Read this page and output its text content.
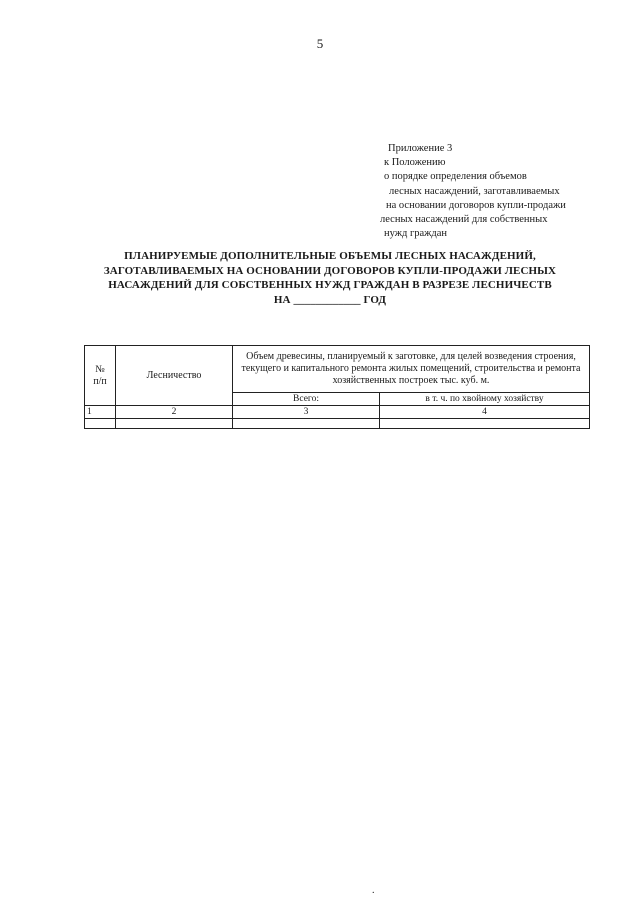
5
Приложение 3
к Положению
о порядке определения объемов
лесных насаждений, заготавливаемых
на основании договоров купли-продажи
лесных насаждений для собственных
нужд граждан
ПЛАНИРУЕМЫЕ ДОПОЛНИТЕЛЬНЫЕ ОБЪЕМЫ ЛЕСНЫХ НАСАЖДЕНИЙ,
ЗАГОТАВЛИВАЕМЫХ НА ОСНОВАНИИ ДОГОВОРОВ КУПЛИ-ПРОДАЖИ ЛЕСНЫХ
НАСАЖДЕНИЙ ДЛЯ СОБСТВЕННЫХ НУЖД ГРАЖДАН В РАЗРЕЗЕ ЛЕСНИЧЕСТВ
НА ____________ ГОД
№
п/п	Лесничество	Объем древесины, планируемый к заготовке, для целей возведения строения, текущего и капитального ремонта жилых помещений, строительства и ремонта хозяйственных построек тыс. куб. м.	
		Всего:	в т. ч. по хвойному хозяйству
1	2	3	4

.
